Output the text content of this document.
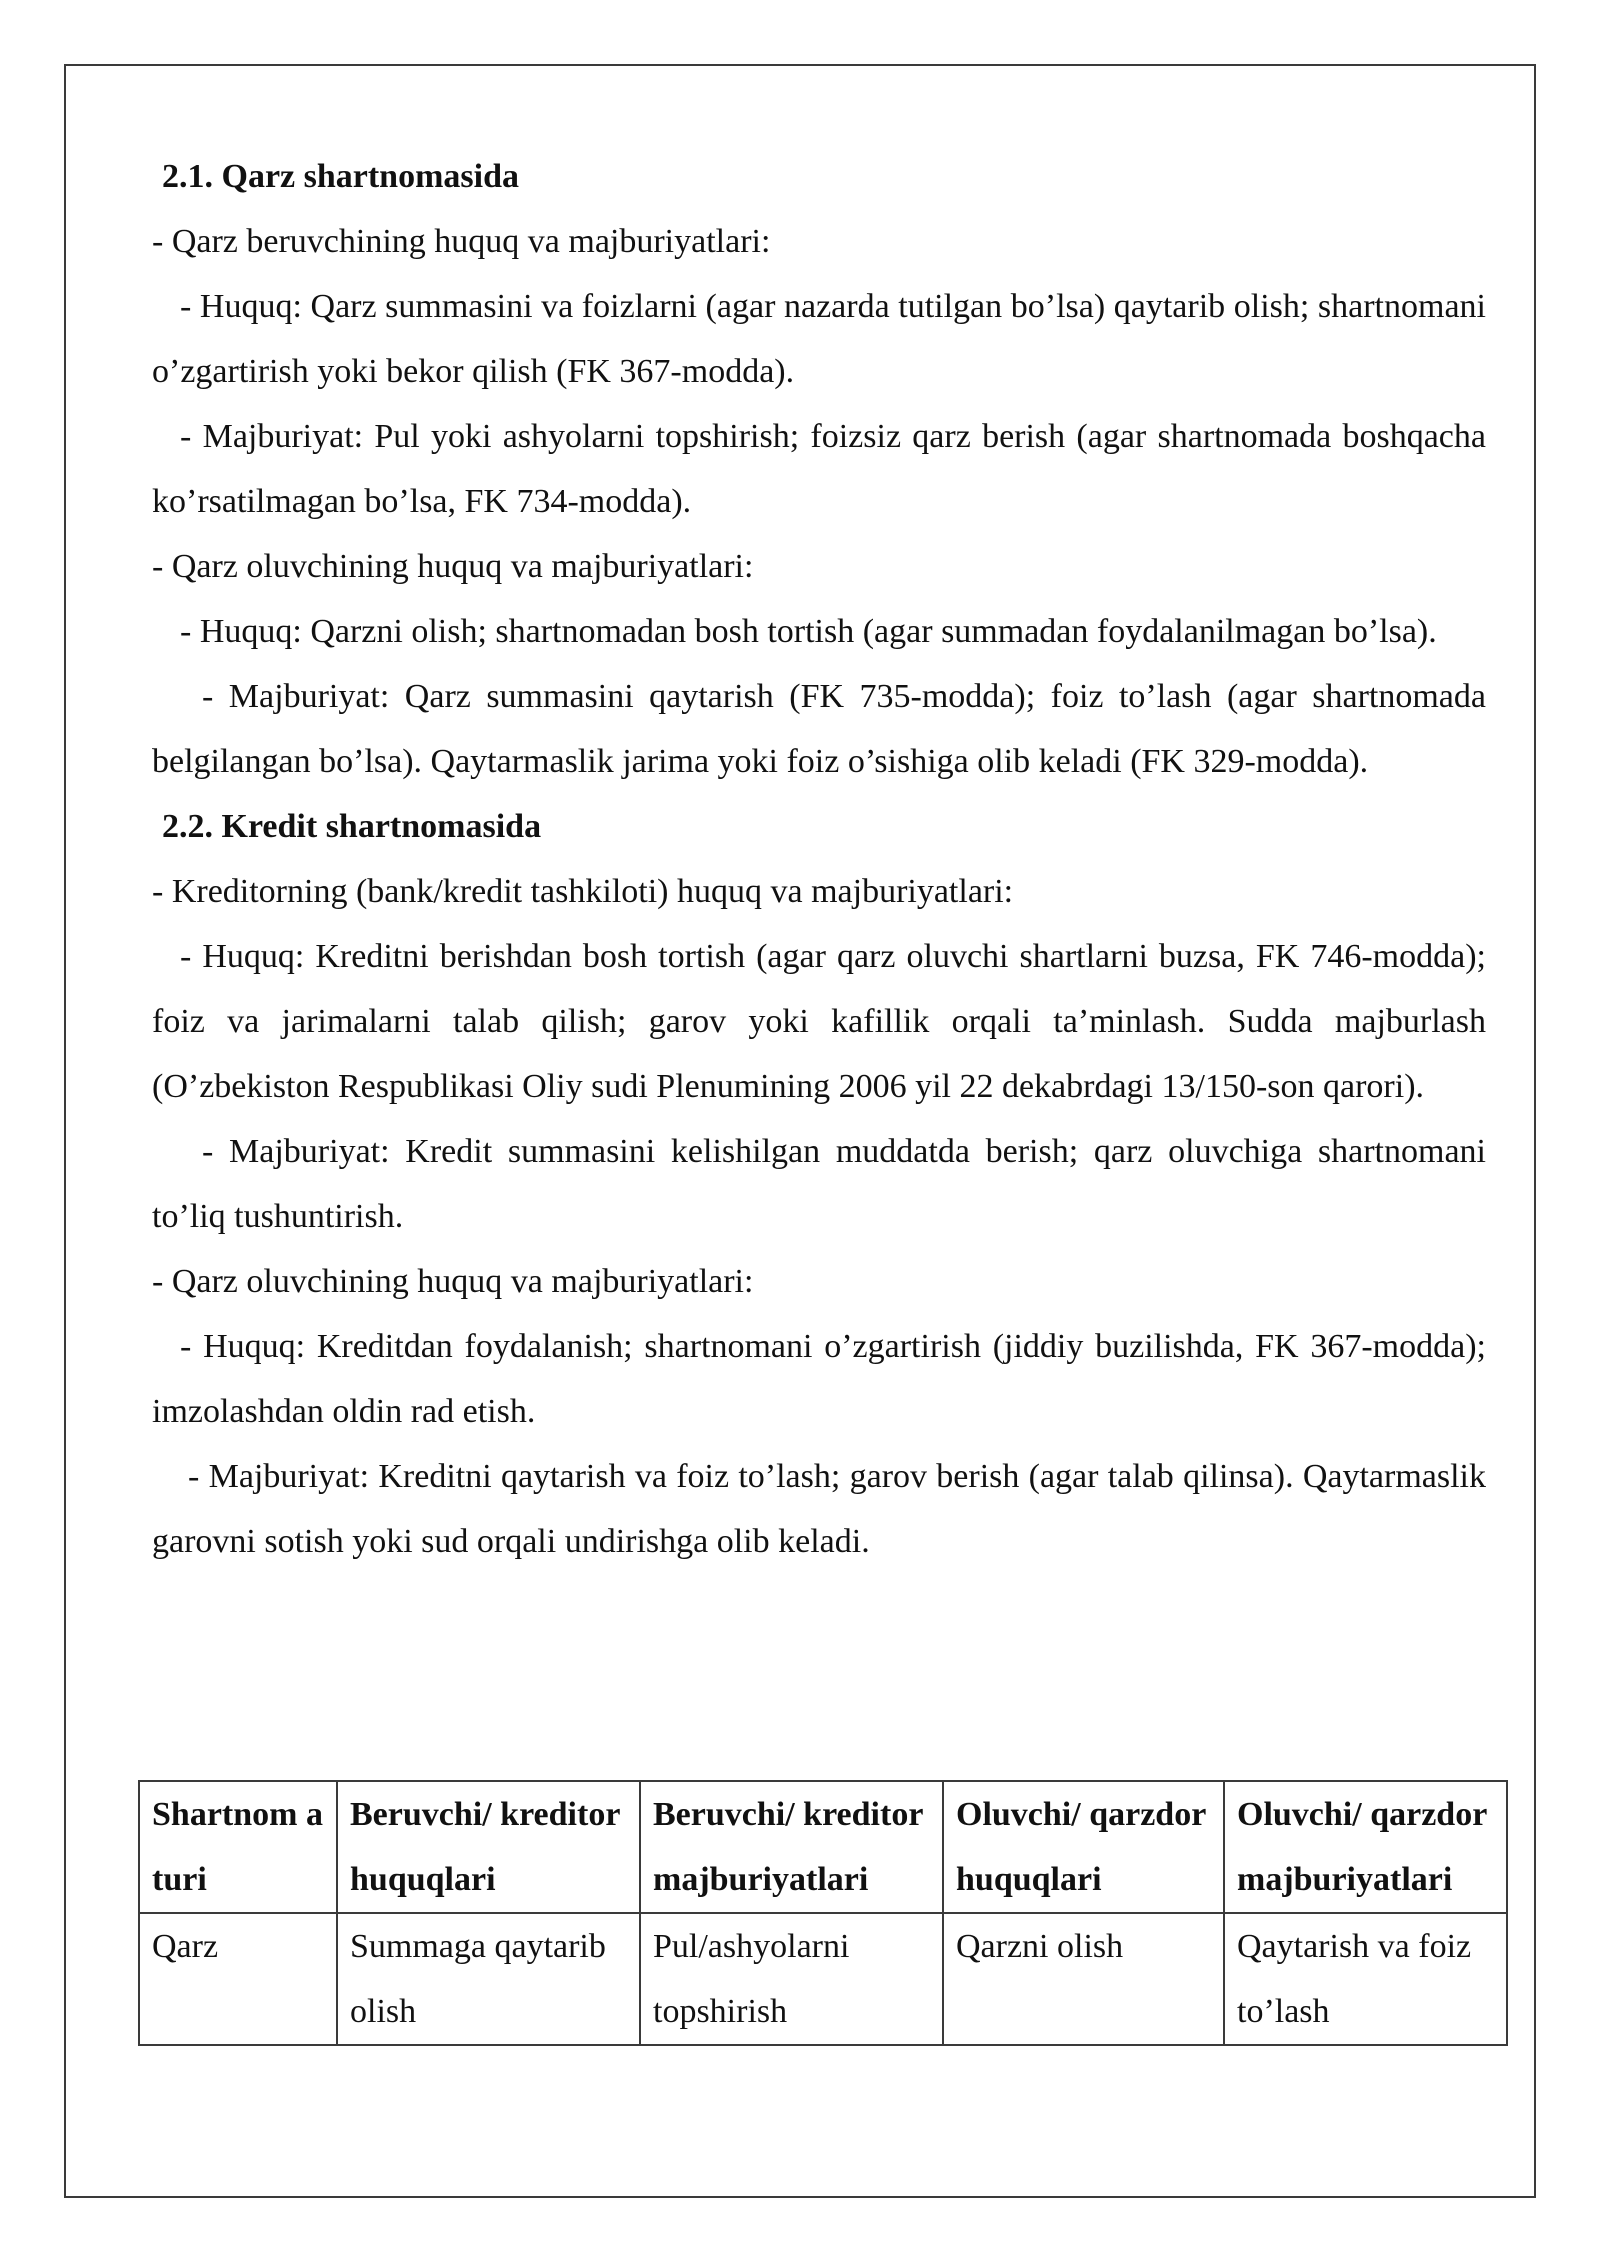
2.1. Qarz shartnomasida

- Qarz beruvchining huquq va majburiyatlari:

- Huquq: Qarz summasini va foizlarni (agar nazarda tutilgan bo’lsa) qaytarib olish; shartnomani o’zgartirish yoki bekor qilish (FK 367-modda).

- Majburiyat: Pul yoki ashyolarni topshirish; foizsiz qarz berish (agar shartnomada boshqacha ko’rsatilmagan bo’lsa, FK 734-modda).

- Qarz oluvchining huquq va majburiyatlari:

- Huquq: Qarzni olish; shartnomadan bosh tortish (agar summadan foydalanilmagan bo’lsa).

- Majburiyat: Qarz summasini qaytarish (FK 735-modda); foiz to’lash (agar shartnomada belgilangan bo’lsa). Qaytarmaslik jarima yoki foiz o’sishiga olib keladi (FK 329-modda).

2.2. Kredit shartnomasida

- Kreditorning (bank/kredit tashkiloti) huquq va majburiyatlari:

- Huquq: Kreditni berishdan bosh tortish (agar qarz oluvchi shartlarni buzsa, FK 746-modda); foiz va jarimalarni talab qilish; garov yoki kafillik orqali ta’minlash. Sudda majburlash (O’zbekiston Respublikasi Oliy sudi Plenumining 2006 yil 22 dekabrdagi 13/150-son qarori).

- Majburiyat: Kredit summasini kelishilgan muddatda berish; qarz oluvchiga shartnomani to’liq tushuntirish.

- Qarz oluvchining huquq va majburiyatlari:

- Huquq: Kreditdan foydalanish; shartnomani o’zgartirish (jiddiy buzilishda, FK 367-modda); imzolashdan oldin rad etish.

- Majburiyat: Kreditni qaytarish va foiz to’lash; garov berish (agar talab qilinsa). Qaytarmaslik garovni sotish yoki sud orqali undirishga olib keladi.

Shartnom a turi	Beruvchi/ kreditor huquqlari	Beruvchi/ kreditor majburiyatlari	Oluvchi/ qarzdor huquqlari	Oluvchi/ qarzdor majburiyatlari
Qarz	Summaga qaytarib olish	Pul/ashyolarni topshirish	Qarzni olish	Qaytarish va foiz to’lash
